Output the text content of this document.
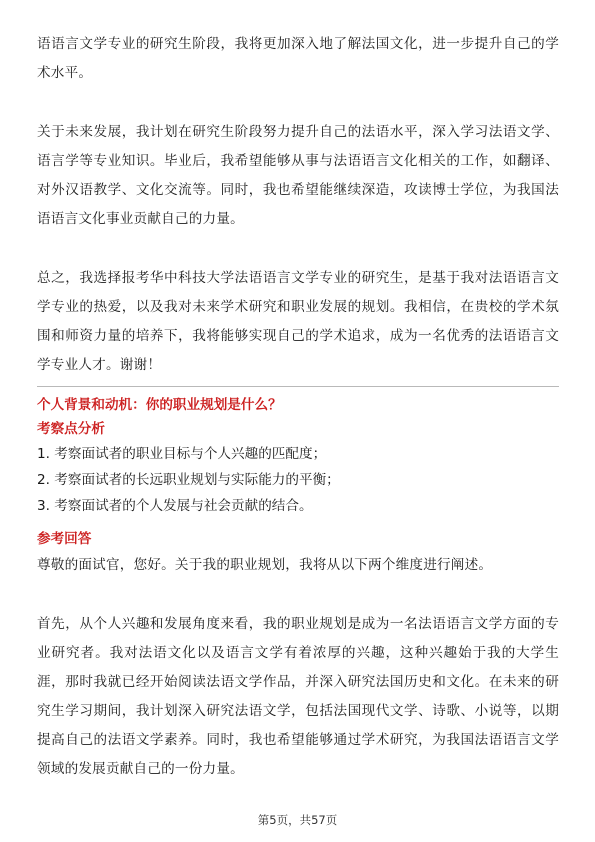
语语言文学专业的研究生阶段，我将更加深入地了解法国文化，进一步提升自己的学术水平。

关于未来发展，我计划在研究生阶段努力提升自己的法语水平，深入学习法语文学、语言学等专业知识。毕业后，我希望能够从事与法语语言文化相关的工作，如翻译、对外汉语教学、文化交流等。同时，我也希望能继续深造，攻读博士学位，为我国法语语言文化事业贡献自己的力量。

总之，我选择报考华中科技大学法语语言文学专业的研究生，是基于我对法语语言文学专业的热爱，以及我对未来学术研究和职业发展的规划。我相信，在贵校的学术氛围和师资力量的培养下，我将能够实现自己的学术追求，成为一名优秀的法语语言文学专业人才。谢谢！

个人背景和动机：你的职业规划是什么？

考察点分析

1. 考察面试者的职业目标与个人兴趣的匹配度；

2. 考察面试者的长远职业规划与实际能力的平衡；

3. 考察面试者的个人发展与社会贡献的结合。

参考回答

尊敬的面试官，您好。关于我的职业规划，我将从以下两个维度进行阐述。

首先，从个人兴趣和发展角度来看，我的职业规划是成为一名法语语言文学方面的专业研究者。我对法语文化以及语言文学有着浓厚的兴趣，这种兴趣始于我的大学生涯，那时我就已经开始阅读法语文学作品，并深入研究法国历史和文化。在未来的研究生学习期间，我计划深入研究法语文学，包括法国现代文学、诗歌、小说等，以期提高自己的法语文学素养。同时，我也希望能够通过学术研究，为我国法语语言文学领域的发展贡献自己的一份力量。

第5页，共57页
